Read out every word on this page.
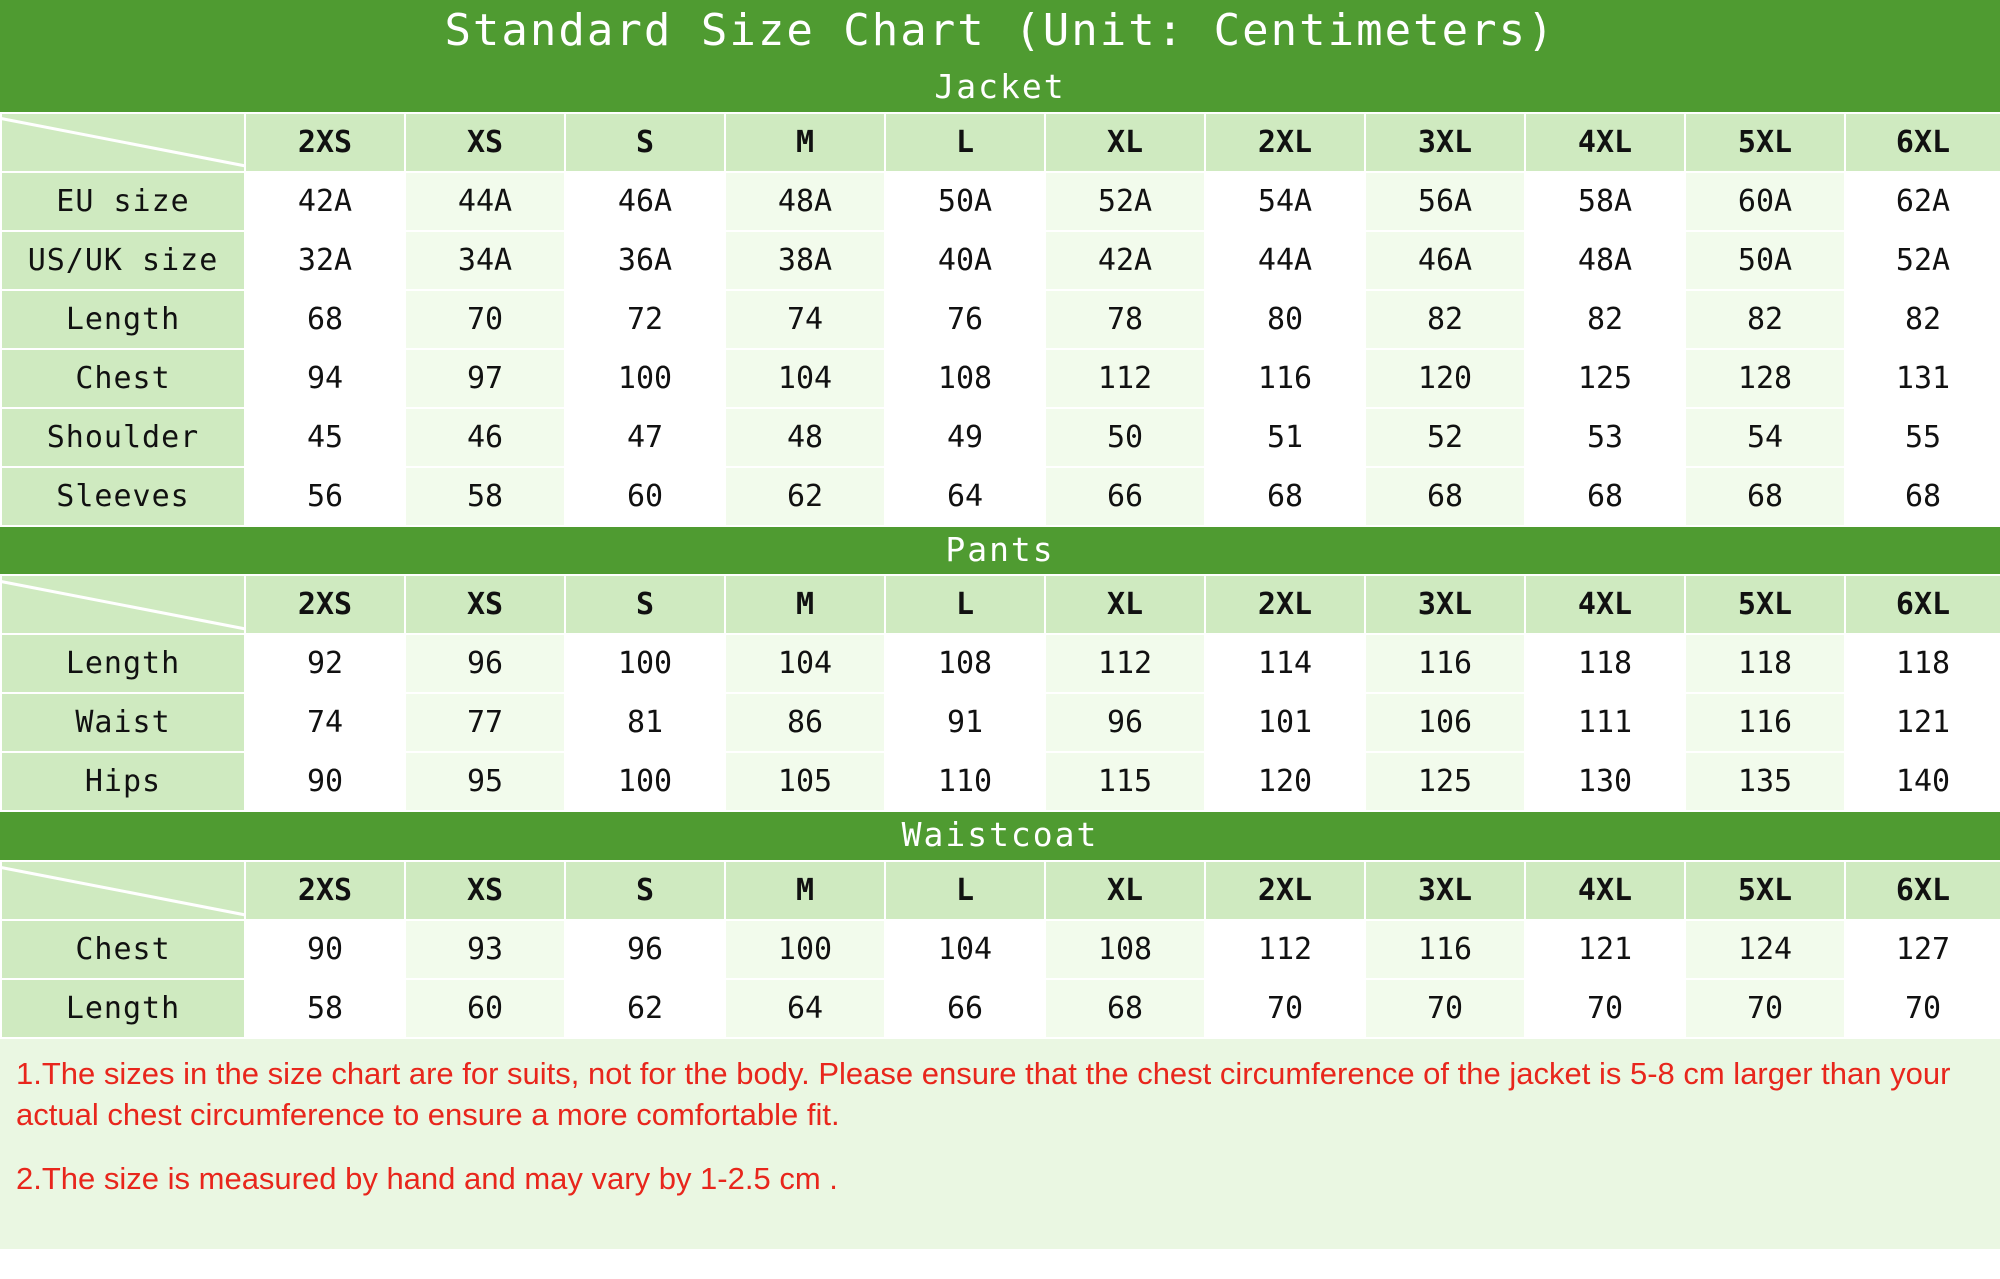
Standard Size Chart (Unit: Centimeters)
Jacket
	2XS	XS	S	M	L	XL	2XL	3XL	4XL	5XL	6XL
EU size	42A	44A	46A	48A	50A	52A	54A	56A	58A	60A	62A
US/UK size	32A	34A	36A	38A	40A	42A	44A	46A	48A	50A	52A
Length	68	70	72	74	76	78	80	82	82	82	82
Chest	94	97	100	104	108	112	116	120	125	128	131
Shoulder	45	46	47	48	49	50	51	52	53	54	55
Sleeves	56	58	60	62	64	66	68	68	68	68	68
Pants
	2XS	XS	S	M	L	XL	2XL	3XL	4XL	5XL	6XL
Length	92	96	100	104	108	112	114	116	118	118	118
Waist	74	77	81	86	91	96	101	106	111	116	121
Hips	90	95	100	105	110	115	120	125	130	135	140
Waistcoat
	2XS	XS	S	M	L	XL	2XL	3XL	4XL	5XL	6XL
Chest	90	93	96	100	104	108	112	116	121	124	127
Length	58	60	62	64	66	68	70	70	70	70	70

1.The sizes in the size chart are for suits, not for the body. Please ensure that the chest circumference of the jacket is 5-8 cm larger than your actual chest circumference to ensure a more comfortable fit.

2.The size is measured by hand and may vary by 1-2.5 cm .
